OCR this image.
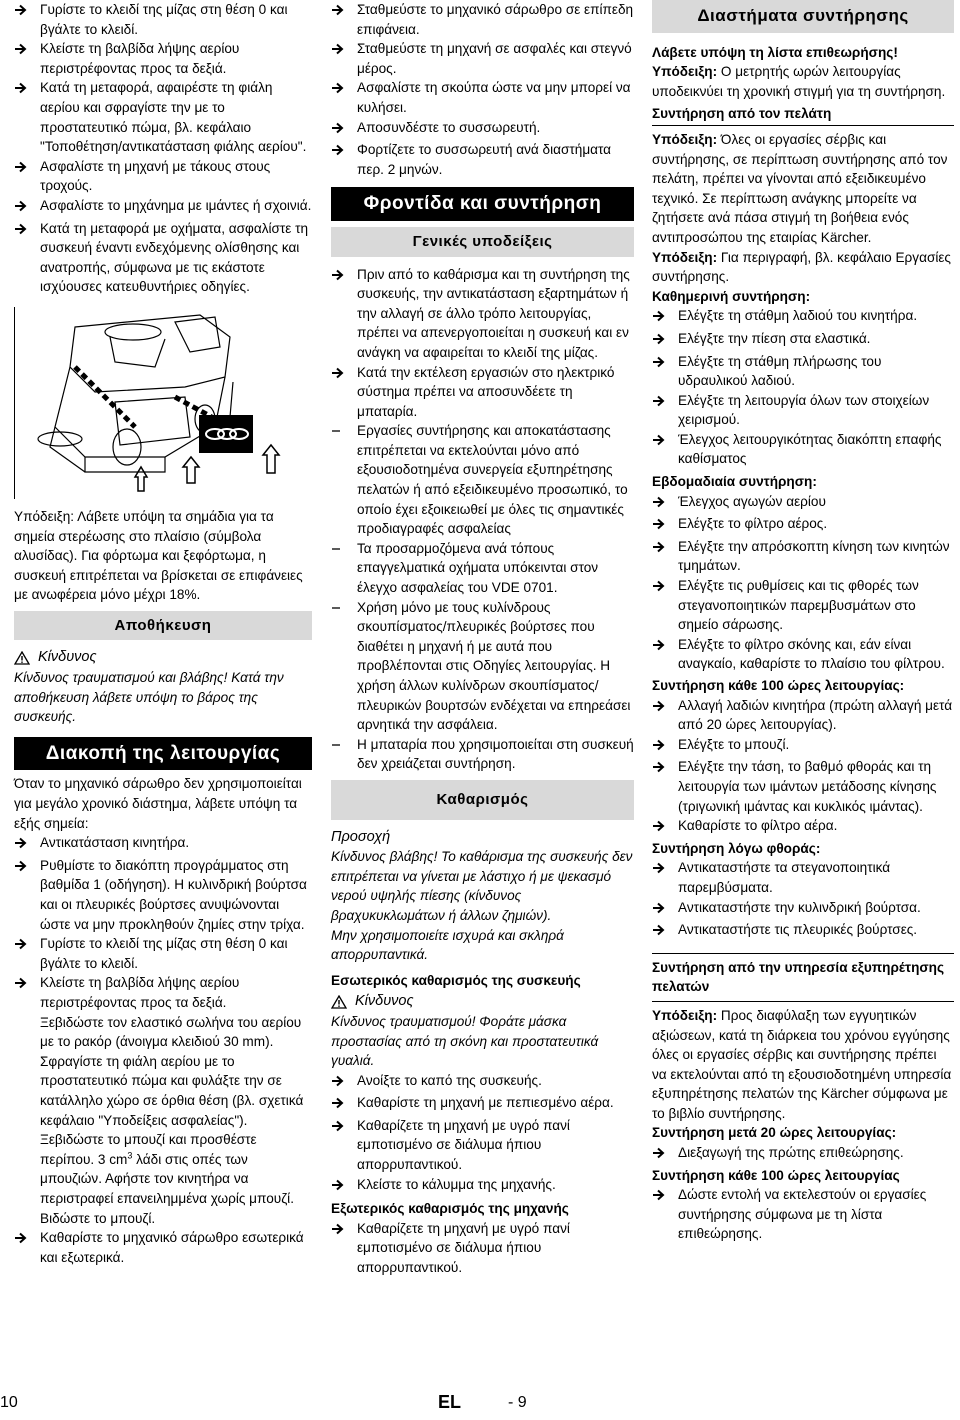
Γυρίστε το κλειδί της μίζας στη θέση 0 και βγάλτε το κλειδί.
Κλείστε τη βαλβίδα λήψης αερίου περιστρέφοντας προς τα δεξιά.
Κατά τη μεταφορά, αφαιρέστε τη φιάλη αερίου και σφραγίστε την με το προστατευτικό πώμα, βλ. κεφάλαιο "Τοποθέτηση/αντικατάσταση φιάλης αερίου".
Ασφαλίστε τη μηχανή με τάκους στους τροχούς.
Ασφαλίστε το μηχάνημα με ιμάντες ή σχοινιά.
Κατά τη μεταφορά με οχήματα, ασφαλίστε τη συσκευή έναντι ενδεχόμενης ολίσθησης και ανατροπής, σύμφωνα με τις εκάστοτε ισχύουσες κατευθυντήριες οδηγίες.

Υπόδειξη: Λάβετε υπόψη τα σημάδια για τα σημεία στερέωσης στο πλαίσιο (σύμβολα αλυσίδας). Για φόρτωμα και ξεφόρτωμα, η συσκευή επιτρέπεται να βρίσκεται σε επιφάνειες με ανωφέρεια μόνο μέχρι 18%.

Αποθήκευση
Κίνδυνος

Κίνδυνος τραυματισμού και βλάβης! Κατά την αποθήκευση λάβετε υπόψη το βάρος της συσκευής.

Διακοπή της λειτουργίας

Όταν το μηχανικό σάρωθρο δεν χρησιμοποιείται για μεγάλο χρονικό διάστημα, λάβετε υπόψη τα εξής σημεία:

Αντικατάσταση κινητήρα.
Ρυθμίστε το διακόπτη προγράμματος στη βαθμίδα 1 (οδήγηση). Η κυλινδρική βούρτσα και οι πλευρικές βούρτσες ανυψώνονται ώστε να μην προκληθούν ζημίες στην τρίχα.
Γυρίστε το κλειδί της μίζας στη θέση 0 και βγάλτε το κλειδί.
Κλείστε τη βαλβίδα λήψης αερίου περιστρέφοντας προς τα δεξιά.
Ξεβιδώστε τον ελαστικό σωλήνα του αερίου με το ρακόρ (άνοιγμα κλειδιού 30 mm).
Σφραγίστε τη φιάλη αερίου με το προστατευτικό πώμα και φυλάξτε την σε κατάλληλο χώρο σε όρθια θέση (βλ. σχετικά κεφάλαιο "Υποδείξεις ασφαλείας").
Ξεβιδώστε το μπουζί και προσθέστε περίπου. 3 $cm^3$ λάδι στις οπές των μπουζιών. Αφήστε τον κινητήρα να περιστραφεί επανειλημμένα χωρίς μπουζί. Βιδώστε το μπουζί.
Καθαρίστε το μηχανικό σάρωθρο εσωτερικά και εξωτερικά.
Σταθμεύστε το μηχανικό σάρωθρο σε επίπεδη επιφάνεια.
Σταθμεύστε τη μηχανή σε ασφαλές και στεγνό μέρος.
Ασφαλίστε τη σκούπα ώστε να μην μπορεί να κυλήσει.
Αποσυνδέστε το συσσωρευτή.
Φορτίζετε το συσσωρευτή ανά διαστήματα περ. 2 μηνών.
Φροντίδα και συντήρηση
Γενικές υποδείξεις
Πριν από το καθάρισμα και τη συντήρηση της συσκευής, την αντικατάσταση εξαρτημάτων ή την αλλαγή σε άλλο τρόπο λειτουργίας, πρέπει να απενεργοποιείται η συσκευή και εν ανάγκη να αφαιρείται το κλειδί της μίζας.
Κατά την εκτέλεση εργασιών στο ηλεκτρικό σύστημα πρέπει να αποσυνδέετε τη μπαταρία.
Εργασίες συντήρησης και αποκατάστασης επιτρέπεται να εκτελούνται μόνο από εξουσιοδοτημένα συνεργεία εξυπηρέτησης πελατών ή από εξειδικευμένο προσωπικό, το οποίο έχει εξοικειωθεί με όλες τις σημαντικές προδιαγραφές ασφαλείας
Τα προσαρμοζόμενα ανά τόπους επαγγελματικά οχήματα υπόκεινται στον έλεγχο ασφαλείας του VDE 0701.
Χρήση μόνο με τους κυλίνδρους σκουπίσματος/πλευρικές βούρτσες που διαθέτει η μηχανή ή με αυτά που προβλέπονται στις Οδηγίες λειτουργίας. Η χρήση άλλων κυλίνδρων σκουπίσματος/πλευρικών βουρτσών ενδέχεται να επηρεάσει αρνητικά την ασφάλεια.
Η μπαταρία που χρησιμοποιείται στη συσκευή δεν χρειάζεται συντήρηση.
Καθαρισμός

Προσοχή

Κίνδυνος βλάβης! Το καθάρισμα της συσκευής δεν επιτρέπεται να γίνεται με λάστιχο ή με ψεκασμό νερού υψηλής πίεσης (κίνδυνος βραχυκυκλωμάτων ή άλλων ζημιών).

Μην χρησιμοποιείτε ισχυρά και σκληρά απορρυπαντικά.

Εσωτερικός καθαρισμός της συσκευής

Κίνδυνος

Κίνδυνος τραυματισμού! Φοράτε μάσκα προστασίας από τη σκόνη και προστατευτικά γυαλιά.

Ανοίξτε το καπό της συσκευής.
Καθαρίστε τη μηχανή με πεπιεσμένο αέρα.
Καθαρίζετε τη μηχανή με υγρό πανί εμποτισμένο σε διάλυμα ήπιου απορρυπαντικού.
Κλείστε το κάλυμμα της μηχανής.

Εξωτερικός καθαρισμός της μηχανής

Καθαρίζετε τη μηχανή με υγρό πανί εμποτισμένο σε διάλυμα ήπιου απορρυπαντικού.
Διαστήματα συντήρησης

Λάβετε υπόψη τη λίστα επιθεωρήσης!

Υπόδειξη: Ο μετρητής ωρών λειτουργίας υποδεικνύει τη χρονική στιγμή για τη συντήρηση.

Συντήρηση από τον πελάτη

Υπόδειξη: Όλες οι εργασίες σέρβις και συντήρησης, σε περίπτωση συντήρησης από τον πελάτη, πρέπει να γίνονται από εξειδικευμένο τεχνικό. Σε περίπτωση ανάγκης μπορείτε να ζητήσετε ανά πάσα στιγμή τη βοήθεια ενός αντιπροσώπου της εταιρίας Kärcher.

Υπόδειξη: Για περιγραφή, βλ. κεφάλαιο Εργασίες συντήρησης.

Καθημερινή συντήρηση:

Ελέγξτε τη στάθμη λαδιού του κινητήρα.
Ελέγξτε την πίεση στα ελαστικά.
Ελέγξτε τη στάθμη πλήρωσης του υδραυλικού λαδιού.
Ελέγξτε τη λειτουργία όλων των στοιχείων χειρισμού.
Έλεγχος λειτουργικότητας διακόπτη επαφής καθίσματος

Εβδομαδιαία συντήρηση:

Έλεγχος αγωγών αερίου
Ελέγξτε το φίλτρο αέρος.
Ελέγξτε την απρόσκοπτη κίνηση των κινητών τμημάτων.
Ελέγξτε τις ρυθμίσεις και τις φθορές των στεγανοποιητικών παρεμβυσμάτων στο σημείο σάρωσης.
Ελέγξτε το φίλτρο σκόνης και, εάν είναι αναγκαίο, καθαρίστε το πλαίσιο του φίλτρου.

Συντήρηση κάθε 100 ώρες λειτουργίας:

Αλλαγή λαδιών κινητήρα (πρώτη αλλαγή μετά από 20 ώρες λειτουργίας).
Ελέγξτε το μπουζί.
Ελέγξτε την τάση, το βαθμό φθοράς και τη λειτουργία των ιμάντων μετάδοσης κίνησης (τριγωνική ιμάντας και κυκλικός ιμάντας).
Καθαρίστε το φίλτρο αέρα.

Συντήρηση λόγω φθοράς:

Αντικαταστήστε τα στεγανοποιητικά παρεμβύσματα.
Αντικαταστήστε την κυλινδρική βούρτσα.
Αντικαταστήστε τις πλευρικές βούρτσες.

Συντήρηση από την υπηρεσία εξυπηρέτησης πελατών

Υπόδειξη: Προς διαφύλαξη των εγγυητικών αξιώσεων, κατά τη διάρκεια του χρόνου εγγύησης όλες οι εργασίες σέρβις και συντήρησης πρέπει να εκτελούνται από τη εξουσιοδοτημένη υπηρεσία εξυπηρέτησης πελατών της Kärcher σύμφωνα με το βιβλίο συντήρησης.

Συντήρηση μετά 20 ώρες λειτουργίας:

Διεξαγωγή της πρώτης επιθεώρησης.

Συντήρηση κάθε 100 ώρες λειτουργίας

Δώστε εντολή να εκτελεστούν οι εργασίες συντήρησης σύμφωνα με τη λίστα επιθεώρησης.
10	EL	- 9
